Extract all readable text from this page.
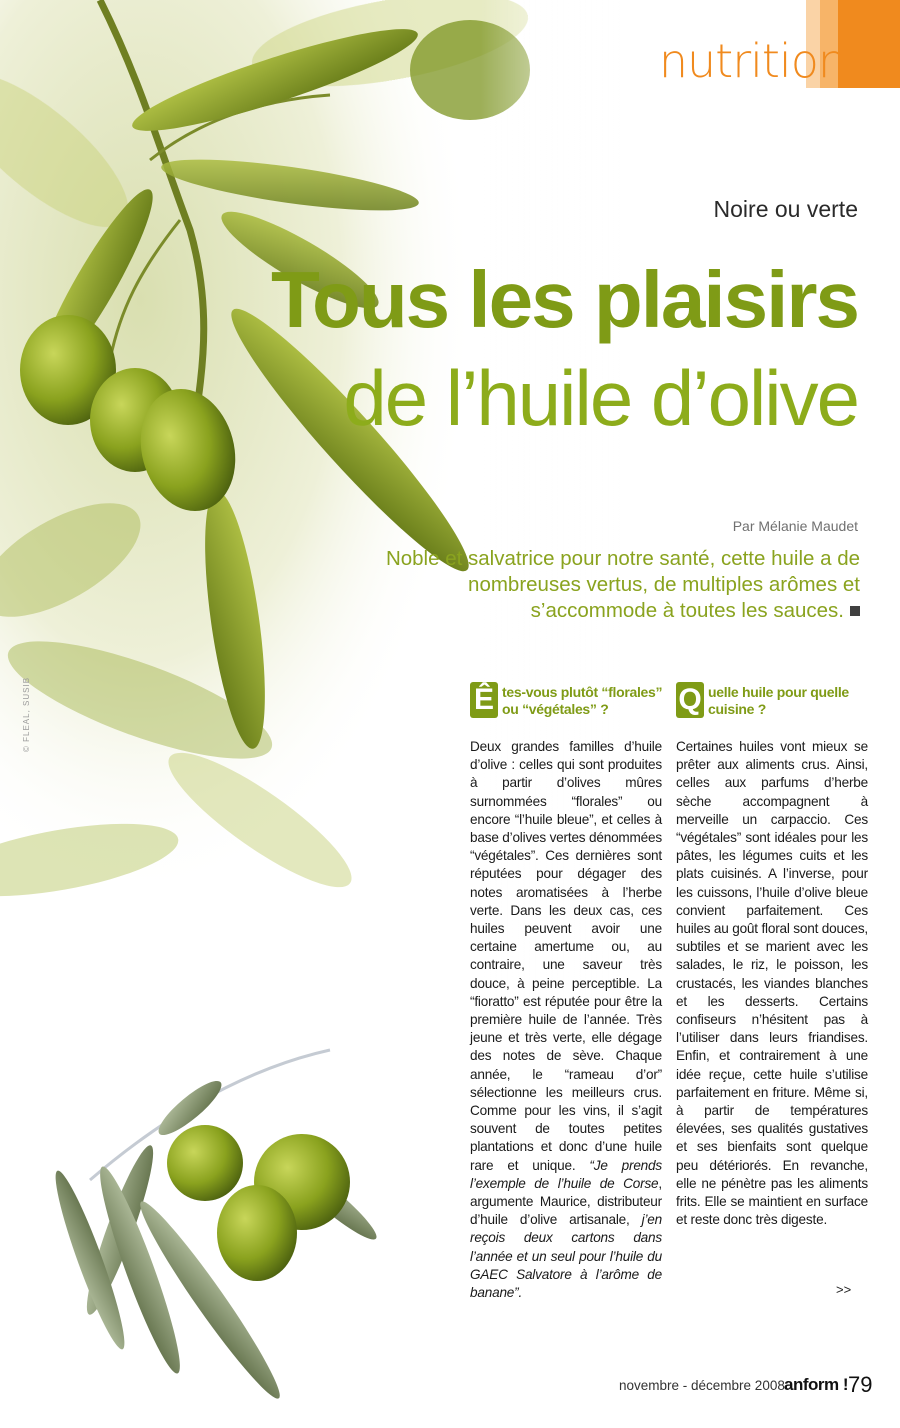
nutrition
Noire ou verte
Tous les plaisirs
de l’huile d’olive
Par Mélanie Maudet

Noble et salvatrice pour notre santé, cette huile a de nombreuses vertus, de multiples arômes et s’accommode à toutes les sauces.

© FLEAL, SUSIB	Ê tes-vous plutôt “florales” ou “végétales” ?

Deux grandes familles d’huile d’olive : celles qui sont produites à partir d’olives mûres surnommées “florales” ou encore “l’huile bleue”, et celles à base d’olives vertes dénommées “végétales”. Ces dernières sont réputées pour dégager des notes aromatisées à l’herbe verte. Dans les deux cas, ces huiles peuvent avoir une certaine amertume ou, au contraire, une saveur très douce, à peine perceptible. La “fioratto” est réputée pour être la première huile de l’année. Très jeune et très verte, elle dégage des notes de sève. Chaque année, le “rameau d’or” sélectionne les meilleurs crus. Comme pour les vins, il s’agit souvent de toutes petites plantations et donc d’une huile rare et unique. “Je prends l’exemple de l’huile de Corse, argumente Maurice, distributeur d’huile d’olive artisanale, j’en reçois deux cartons dans l’année et un seul pour l’huile du GAEC Salvatore à l’arôme de banane”.

Q uelle huile pour quelle cuisine ?

Certaines huiles vont mieux se prêter aux aliments crus. Ainsi, celles aux parfums d’herbe sèche accompagnent à merveille un carpaccio. Ces “végétales” sont idéales pour les pâtes, les légumes cuits et les plats cuisinés. A l’inverse, pour les cuissons, l’huile d’olive bleue convient parfaitement. Ces huiles au goût floral sont douces, subtiles et se marient avec les salades, le riz, le poisson, les crustacés, les viandes blanches et les desserts. Certains confiseurs n’hésitent pas à l’utiliser dans leurs friandises. Enfin, et contrairement à une idée reçue, cette huile s’utilise parfaitement en friture. Même si, à partir de températures élevées, ses qualités gustatives et ses bienfaits sont quelque peu détériorés. En revanche, elle ne pénètre pas les aliments frits. Elle se maintient en surface et reste donc très digeste.

>>
novembre - décembre 2008 anform ! 79
